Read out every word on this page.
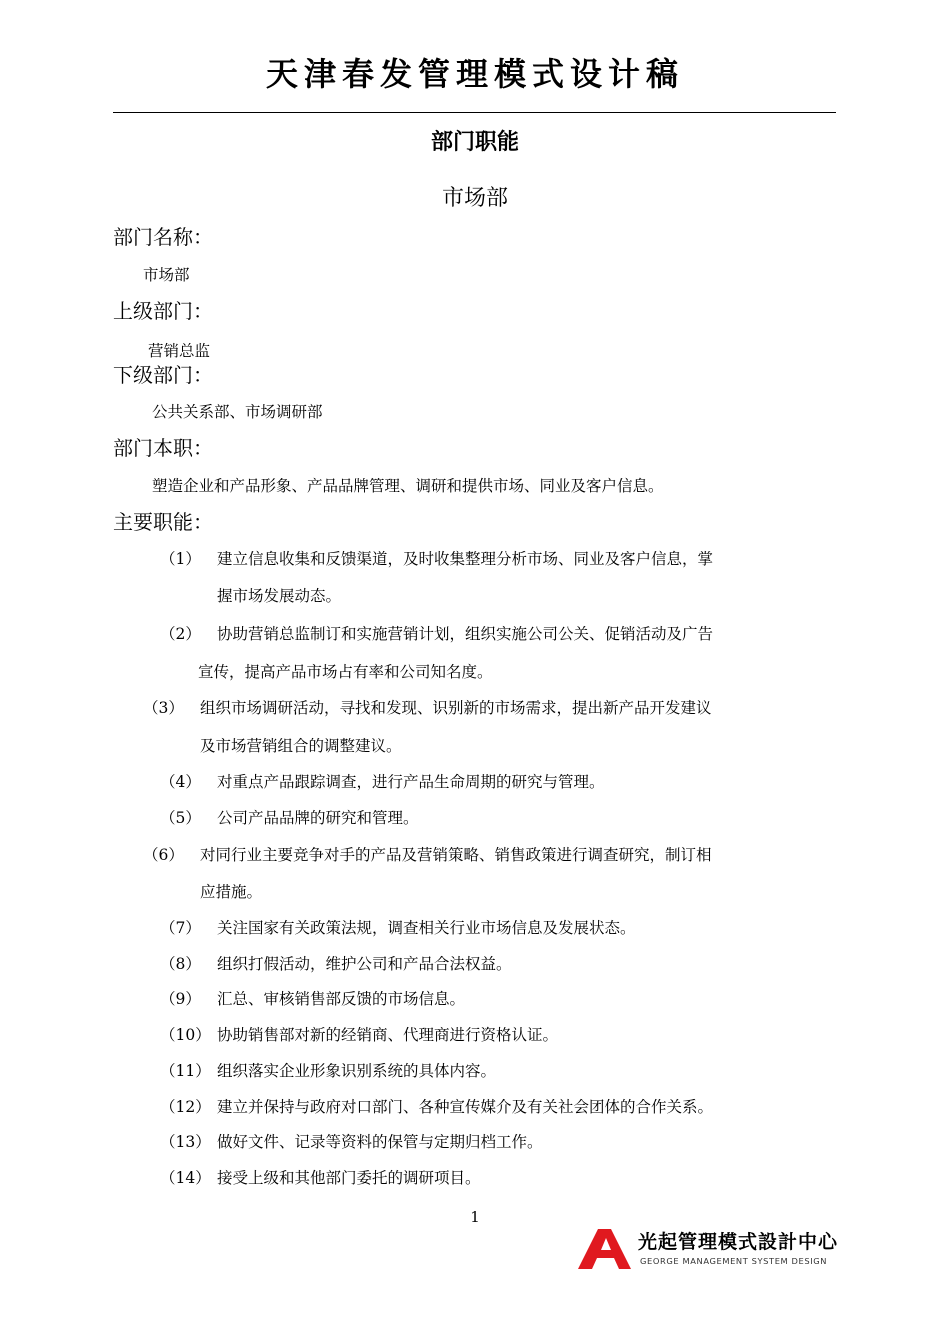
天津春发管理模式设计稿
部门职能
市场部
部门名称：
市场部
上级部门：
营销总监
下级部门：
公共关系部、市场调研部
部门本职：
塑造企业和产品形象、产品品牌管理、调研和提供市场、同业及客户信息。
主要职能：
（1） 建立信息收集和反馈渠道，及时收集整理分析市场、同业及客户信息，掌
握市场发展动态。
（2） 协助营销总监制订和实施营销计划，组织实施公司公关、促销活动及广告
宣传，提高产品市场占有率和公司知名度。
（3） 组织市场调研活动，寻找和发现、识别新的市场需求，提出新产品开发建议
及市场营销组合的调整建议。
（4） 对重点产品跟踪调查，进行产品生命周期的研究与管理。
（5） 公司产品品牌的研究和管理。
（6） 对同行业主要竞争对手的产品及营销策略、销售政策进行调查研究，制订相
应措施。
（7） 关注国家有关政策法规，调查相关行业市场信息及发展状态。
（8） 组织打假活动，维护公司和产品合法权益。
（9） 汇总、审核销售部反馈的市场信息。
（10） 协助销售部对新的经销商、代理商进行资格认证。
（11） 组织落实企业形象识别系统的具体内容。
（12） 建立并保持与政府对口部门、各种宣传媒介及有关社会团体的合作关系。
（13） 做好文件、记录等资料的保管与定期归档工作。
（14） 接受上级和其他部门委托的调研项目。
1
光起管理模式設計中心
GEORGE MANAGEMENT SYSTEM DESIGN
